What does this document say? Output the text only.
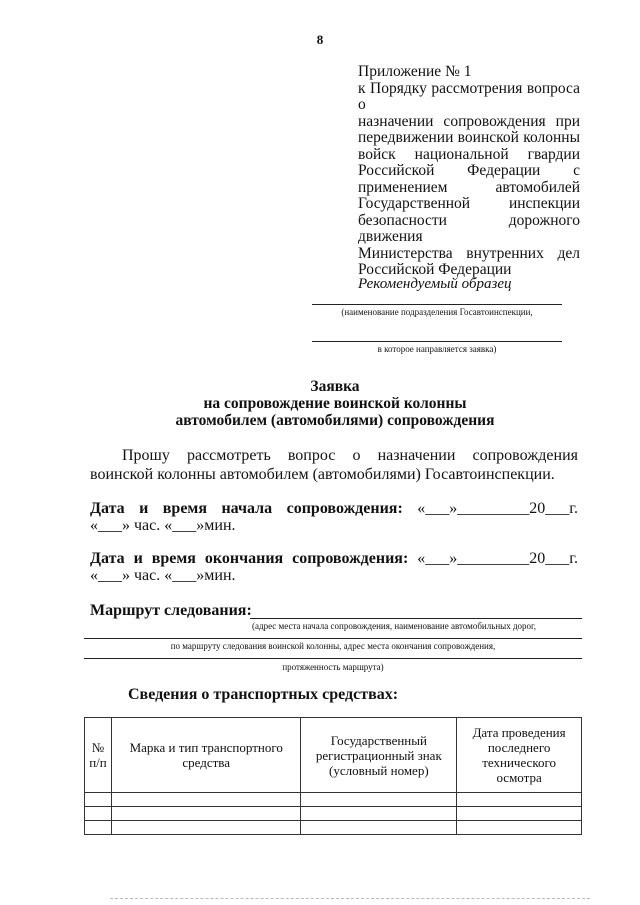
8
Приложение № 1
к Порядку рассмотрения вопроса о
назначении сопровождения при
передвижении воинской колонны
войск национальной гвардии
Российской Федерации с
применением автомобилей
Государственной инспекции
безопасности дорожного движения
Министерства внутренних дел
Российской Федерации
Рекомендуемый образец
(наименование подразделения Госавтоинспекции,
в которое направляется заявка)
Заявка
на сопровождение воинской колонны
автомобилем (автомобилями) сопровождения
Прошу рассмотреть вопрос о назначении сопровождения воинской колонны автомобилем (автомобилями) Госавтоинспекции.
Дата и время начала сопровождения: «___»_________20___г.
«___» час. «___»мин.
Дата и время окончания сопровождения: «___»_________20___г.
«___» час. «___»мин.
Маршрут следования:
(адрес места начала сопровождения, наименование автомобильных дорог,
по маршруту следования воинской колонны, адрес места окончания сопровождения,
протяженность маршрута)
Сведения о транспортных средствах:
№ п/п	Марка и тип транспортного средства	Государственный регистрационный знак (условный номер)	Дата проведения последнего технического осмотра
